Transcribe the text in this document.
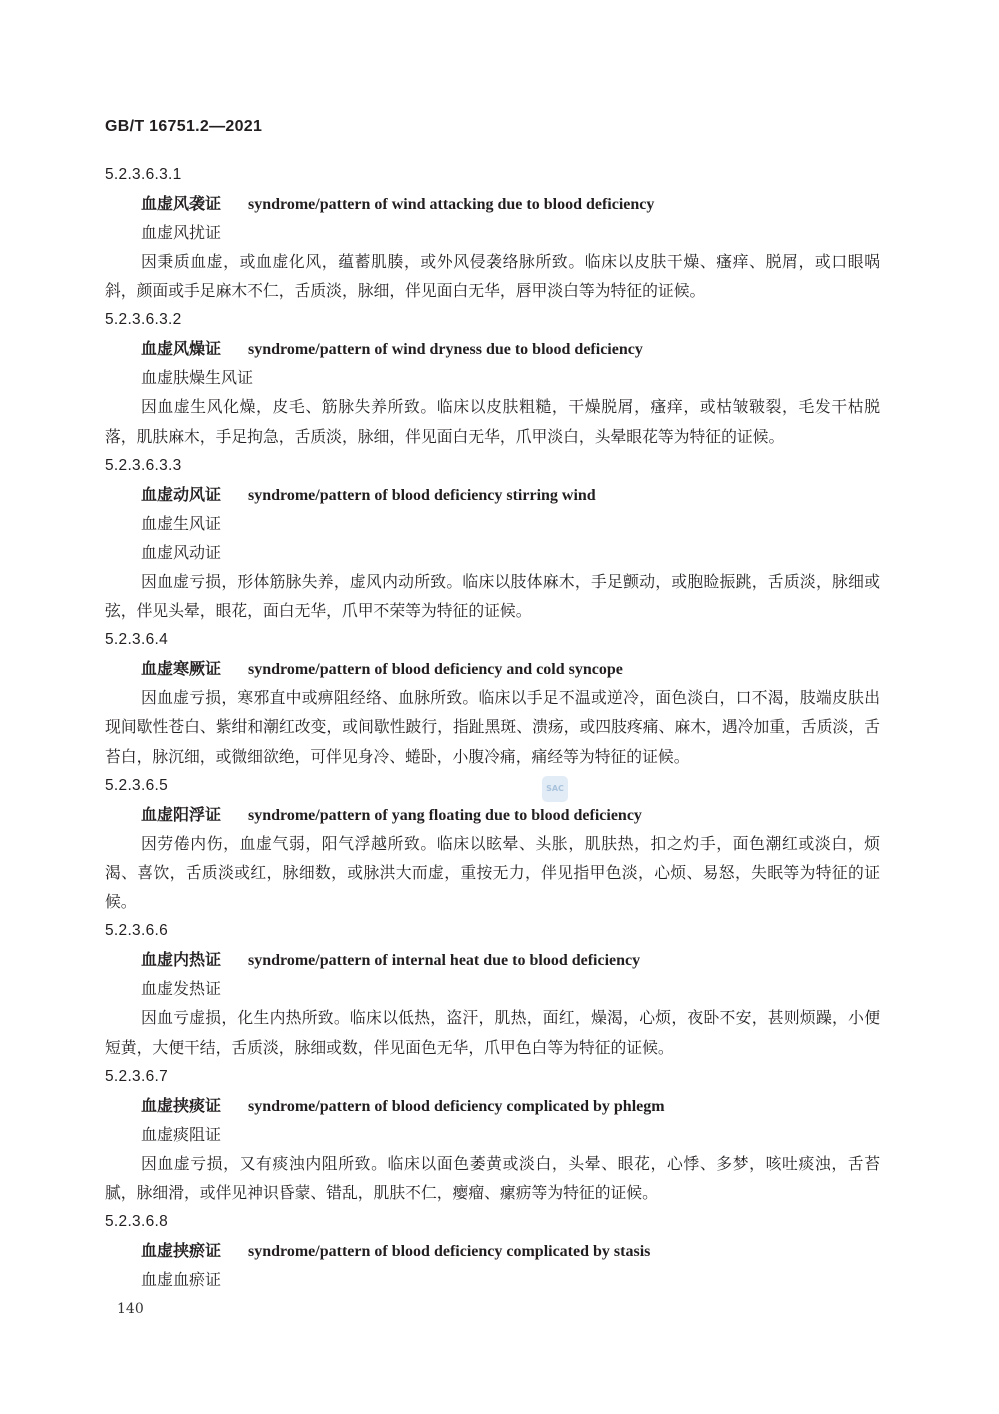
GB/T 16751.2—2021
5.2.3.6.3.1
血虚风袭证 syndrome/pattern of wind attacking due to blood deficiency
血虚风扰证
因秉质血虚，或血虚化风，蕴蓄肌腠，或外风侵袭络脉所致。临床以皮肤干燥、瘙痒、脱屑，或口眼㖞斜，颜面或手足麻木不仁，舌质淡，脉细，伴见面白无华，唇甲淡白等为特征的证候。
5.2.3.6.3.2
血虚风燥证 syndrome/pattern of wind dryness due to blood deficiency
血虚肤燥生风证
因血虚生风化燥，皮毛、筋脉失养所致。临床以皮肤粗糙，干燥脱屑，瘙痒，或枯皱皲裂，毛发干枯脱落，肌肤麻木，手足拘急，舌质淡，脉细，伴见面白无华，爪甲淡白，头晕眼花等为特征的证候。
5.2.3.6.3.3
血虚动风证 syndrome/pattern of blood deficiency stirring wind
血虚生风证
血虚风动证
因血虚亏损，形体筋脉失养，虚风内动所致。临床以肢体麻木，手足颤动，或胞睑振跳，舌质淡，脉细或弦，伴见头晕，眼花，面白无华，爪甲不荣等为特征的证候。
5.2.3.6.4
血虚寒厥证 syndrome/pattern of blood deficiency and cold syncope
因血虚亏损，寒邪直中或痹阻经络、血脉所致。临床以手足不温或逆冷，面色淡白，口不渴，肢端皮肤出现间歇性苍白、紫绀和潮红改变，或间歇性跛行，指趾黑斑、溃疡，或四肢疼痛、麻木，遇冷加重，舌质淡，舌苔白，脉沉细，或微细欲绝，可伴见身冷、蜷卧，小腹冷痛，痛经等为特征的证候。
5.2.3.6.5
血虚阳浮证 syndrome/pattern of yang floating due to blood deficiency
因劳倦内伤，血虚气弱，阳气浮越所致。临床以眩晕、头胀，肌肤热，扣之灼手，面色潮红或淡白，烦渴、喜饮，舌质淡或红，脉细数，或脉洪大而虚，重按无力，伴见指甲色淡，心烦、易怒，失眠等为特征的证候。
5.2.3.6.6
血虚内热证 syndrome/pattern of internal heat due to blood deficiency
血虚发热证
因血亏虚损，化生内热所致。临床以低热，盗汗，肌热，面红，燥渴，心烦，夜卧不安，甚则烦躁，小便短黄，大便干结，舌质淡，脉细或数，伴见面色无华，爪甲色白等为特征的证候。
5.2.3.6.7
血虚挟痰证 syndrome/pattern of blood deficiency complicated by phlegm
血虚痰阻证
因血虚亏损，又有痰浊内阻所致。临床以面色萎黄或淡白，头晕、眼花，心悸、多梦，咳吐痰浊，舌苔腻，脉细滑，或伴见神识昏蒙、错乱，肌肤不仁，瘿瘤、瘰疬等为特征的证候。
5.2.3.6.8
血虚挟瘀证 syndrome/pattern of blood deficiency complicated by stasis
血虚血瘀证
SAC
140
